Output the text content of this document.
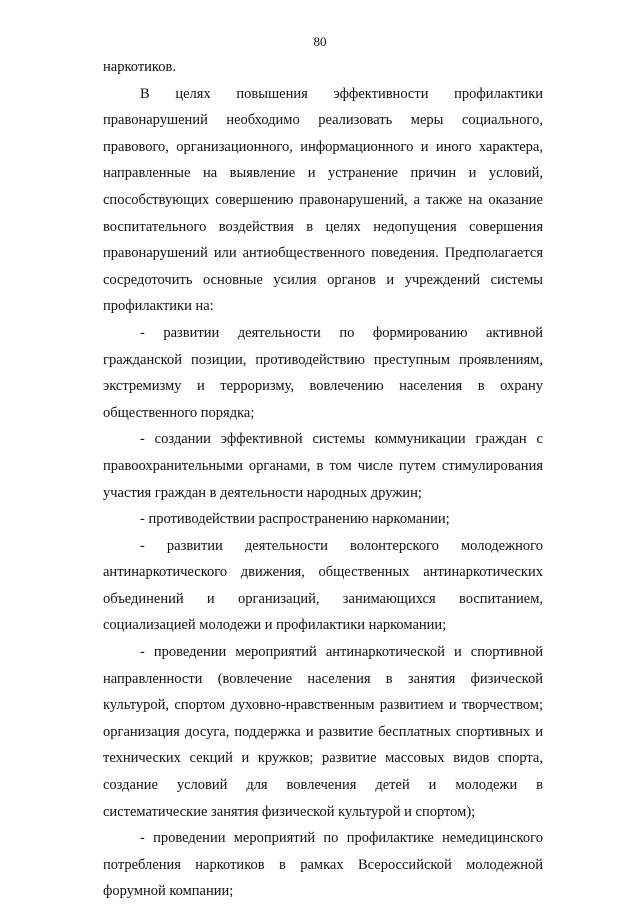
80

наркотиков.

В целях повышения эффективности профилактики правонарушений необходимо реализовать меры социального, правового, организационного, информационного и иного характера, направленные на выявление и устранение причин и условий, способствующих совершению правонарушений, а также на оказание воспитательного воздействия в целях недопущения совершения правонарушений или антиобщественного поведения. Предполагается сосредоточить основные усилия органов и учреждений системы профилактики на:

- развитии деятельности по формированию активной гражданской позиции, противодействию преступным проявлениям, экстремизму и терроризму, вовлечению населения в охрану общественного порядка;

- создании эффективной системы коммуникации граждан с правоохранительными органами, в том числе путем стимулирования участия граждан в деятельности народных дружин;

- противодействии распространению наркомании;

- развитии деятельности волонтерского молодежного антинаркотического движения, общественных антинаркотических объединений и организаций, занимающихся воспитанием, социализацией молодежи и профилактики наркомании;

- проведении мероприятий антинаркотической и спортивной направленности (вовлечение населения в занятия физической культурой, спортом духовно-нравственным развитием и творчеством; организация досуга, поддержка и развитие бесплатных спортивных и технических секций и кружков; развитие массовых видов спорта, создание условий для вовлечения детей и молодежи в систематические занятия физической культурой и спортом);

- проведении мероприятий по профилактике немедицинского потребления наркотиков в рамках Всероссийской молодежной форумной компании;
